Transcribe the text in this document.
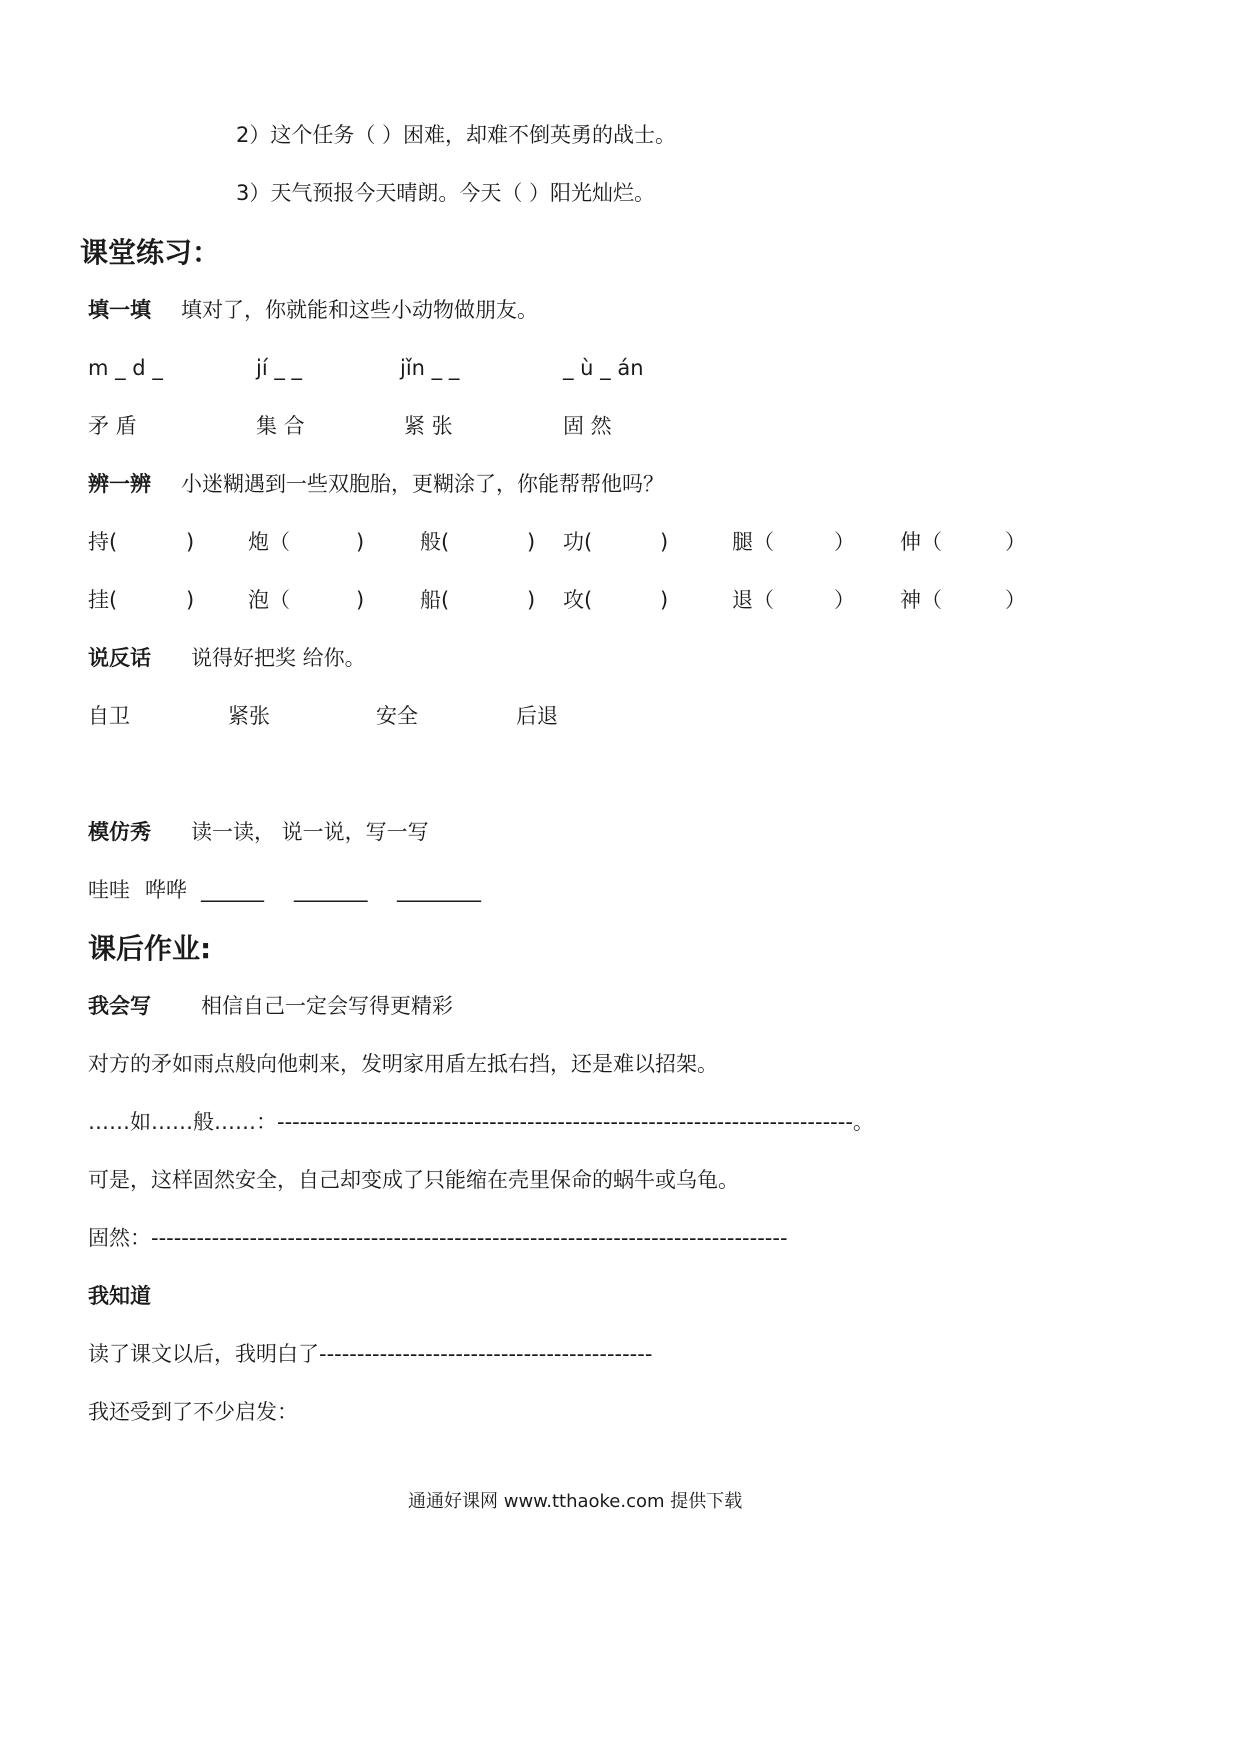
2）这个任务（ ）困难，却难不倒英勇的战士。
3）天气预报今天晴朗。今天（ ）阳光灿烂。
课堂练习：
填一填 填对了，你就能和这些小动物做朋友。
m _ d _	jí _ _	jǐn _ _	_ ù _ án
矛 盾	集 合	紧 张	固 然
辨一辨 小迷糊遇到一些双胞胎，更糊涂了，你能帮帮他吗？
持(	)	炮（	)	般(	) 功(	)	腿（	） 伸（	）
挂(	)	泡（	)	船(	) 攻(	)	退（	） 神（	）
说反话 说得好把奖 给你。
自卫	紧张	安全	后退
模仿秀 读一读， 说一说，写一写
哇哇 哗哗 ______ _______ ________
课后作业:
我会写 相信自己一定会写得更精彩
对方的矛如雨点般向他刺来，发明家用盾左抵右挡，还是难以招架。
……如……般……：----------------------------------------------------------------------------。
可是，这样固然安全，自己却变成了只能缩在壳里保命的蜗牛或乌龟。
固然：------------------------------------------------------------------------------------
我知道
读了课文以后，我明白了--------------------------------------------
我还受到了不少启发：
通通好课网 www.tthaoke.com 提供下载
